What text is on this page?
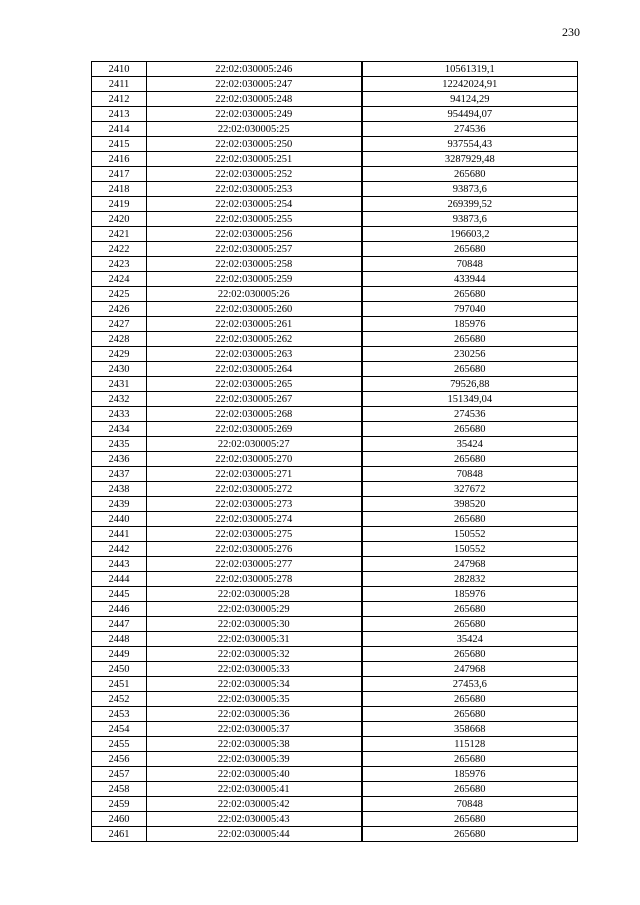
230
2410	22:02:030005:246	10561319,1
2411	22:02:030005:247	12242024,91
2412	22:02:030005:248	94124,29
2413	22:02:030005:249	954494,07
2414	22:02:030005:25	274536
2415	22:02:030005:250	937554,43
2416	22:02:030005:251	3287929,48
2417	22:02:030005:252	265680
2418	22:02:030005:253	93873,6
2419	22:02:030005:254	269399,52
2420	22:02:030005:255	93873,6
2421	22:02:030005:256	196603,2
2422	22:02:030005:257	265680
2423	22:02:030005:258	70848
2424	22:02:030005:259	433944
2425	22:02:030005:26	265680
2426	22:02:030005:260	797040
2427	22:02:030005:261	185976
2428	22:02:030005:262	265680
2429	22:02:030005:263	230256
2430	22:02:030005:264	265680
2431	22:02:030005:265	79526,88
2432	22:02:030005:267	151349,04
2433	22:02:030005:268	274536
2434	22:02:030005:269	265680
2435	22:02:030005:27	35424
2436	22:02:030005:270	265680
2437	22:02:030005:271	70848
2438	22:02:030005:272	327672
2439	22:02:030005:273	398520
2440	22:02:030005:274	265680
2441	22:02:030005:275	150552
2442	22:02:030005:276	150552
2443	22:02:030005:277	247968
2444	22:02:030005:278	282832
2445	22:02:030005:28	185976
2446	22:02:030005:29	265680
2447	22:02:030005:30	265680
2448	22:02:030005:31	35424
2449	22:02:030005:32	265680
2450	22:02:030005:33	247968
2451	22:02:030005:34	27453,6
2452	22:02:030005:35	265680
2453	22:02:030005:36	265680
2454	22:02:030005:37	358668
2455	22:02:030005:38	115128
2456	22:02:030005:39	265680
2457	22:02:030005:40	185976
2458	22:02:030005:41	265680
2459	22:02:030005:42	70848
2460	22:02:030005:43	265680
2461	22:02:030005:44	265680
